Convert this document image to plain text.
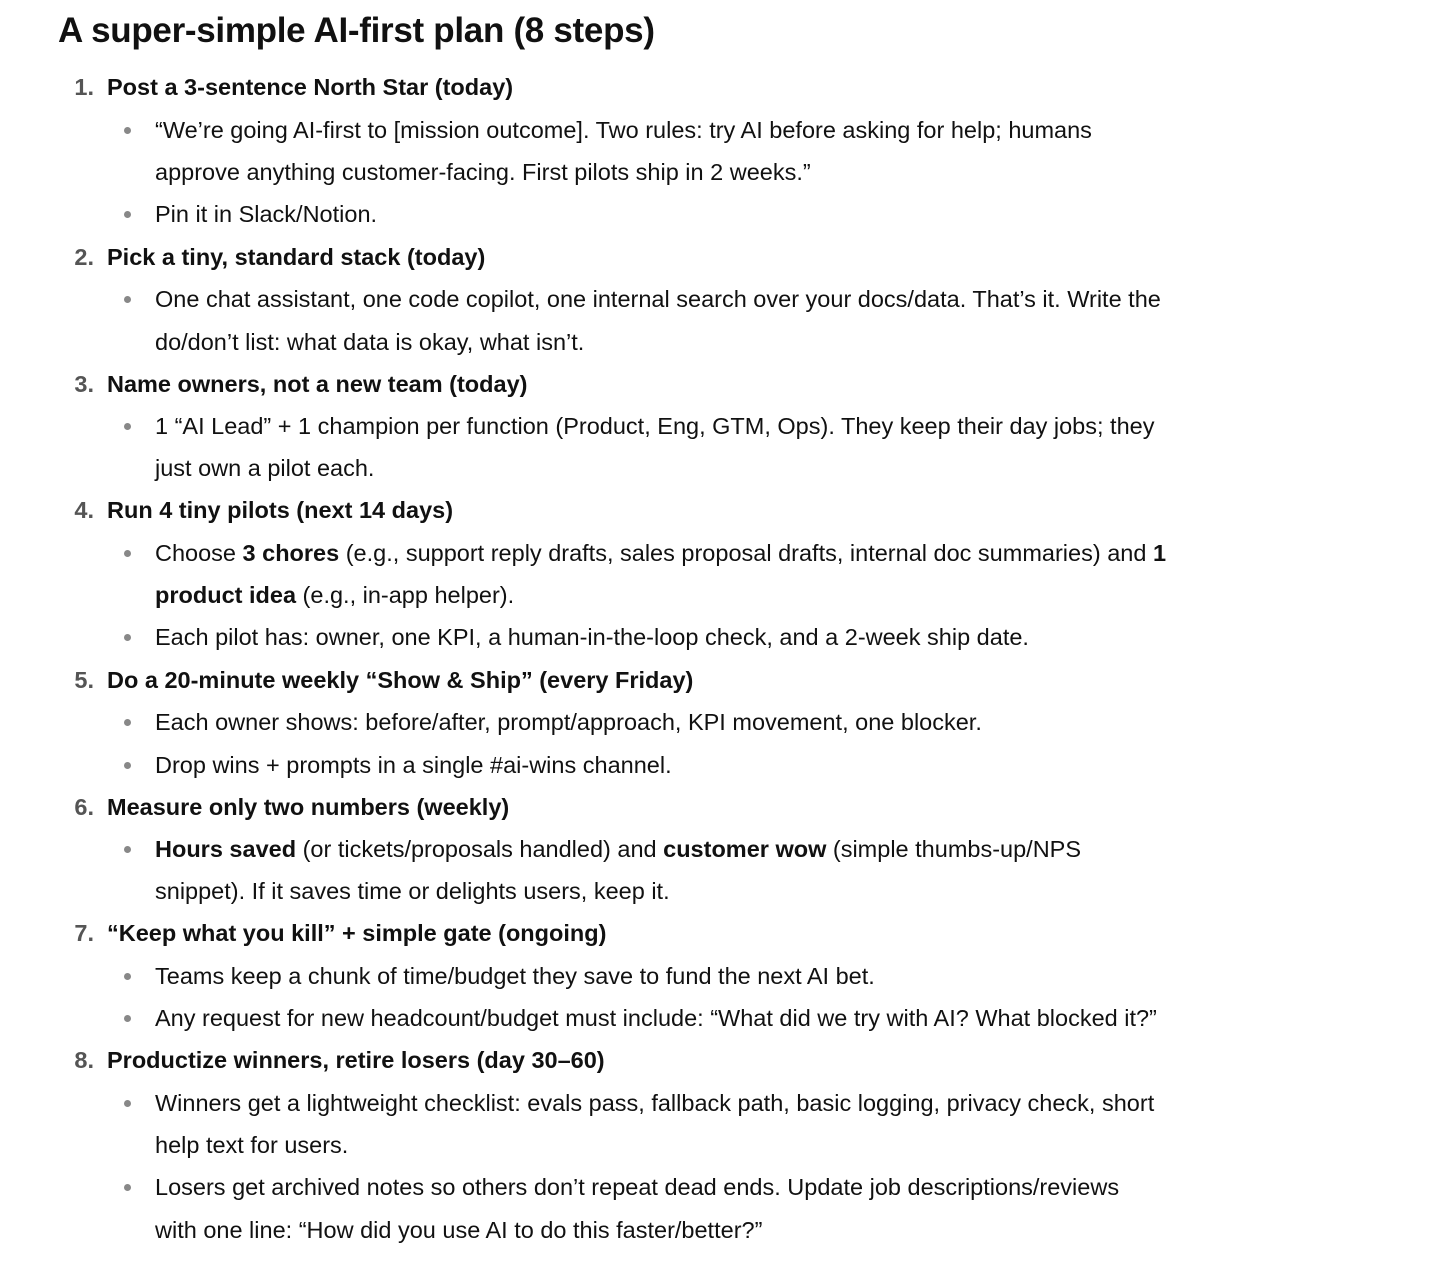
A super-simple AI-first plan (8 steps)
1. Post a 3-sentence North Star (today)
“We’re going AI-first to [mission outcome]. Two rules: try AI before asking for help; humans
approve anything customer-facing. First pilots ship in 2 weeks.”
Pin it in Slack/Notion.
2. Pick a tiny, standard stack (today)
One chat assistant, one code copilot, one internal search over your docs/data. That’s it. Write the
do/don’t list: what data is okay, what isn’t.
3. Name owners, not a new team (today)
1 “AI Lead” + 1 champion per function (Product, Eng, GTM, Ops). They keep their day jobs; they
just own a pilot each.
4. Run 4 tiny pilots (next 14 days)
Choose 3 chores (e.g., support reply drafts, sales proposal drafts, internal doc summaries) and 1
product idea (e.g., in-app helper).
Each pilot has: owner, one KPI, a human-in-the-loop check, and a 2-week ship date.
5. Do a 20-minute weekly “Show & Ship” (every Friday)
Each owner shows: before/after, prompt/approach, KPI movement, one blocker.
Drop wins + prompts in a single #ai-wins channel.
6. Measure only two numbers (weekly)
Hours saved (or tickets/proposals handled) and customer wow (simple thumbs-up/NPS
snippet). If it saves time or delights users, keep it.
7. “Keep what you kill” + simple gate (ongoing)
Teams keep a chunk of time/budget they save to fund the next AI bet.
Any request for new headcount/budget must include: “What did we try with AI? What blocked it?”
8. Productize winners, retire losers (day 30–60)
Winners get a lightweight checklist: evals pass, fallback path, basic logging, privacy check, short
help text for users.
Losers get archived notes so others don’t repeat dead ends. Update job descriptions/reviews
with one line: “How did you use AI to do this faster/better?”
